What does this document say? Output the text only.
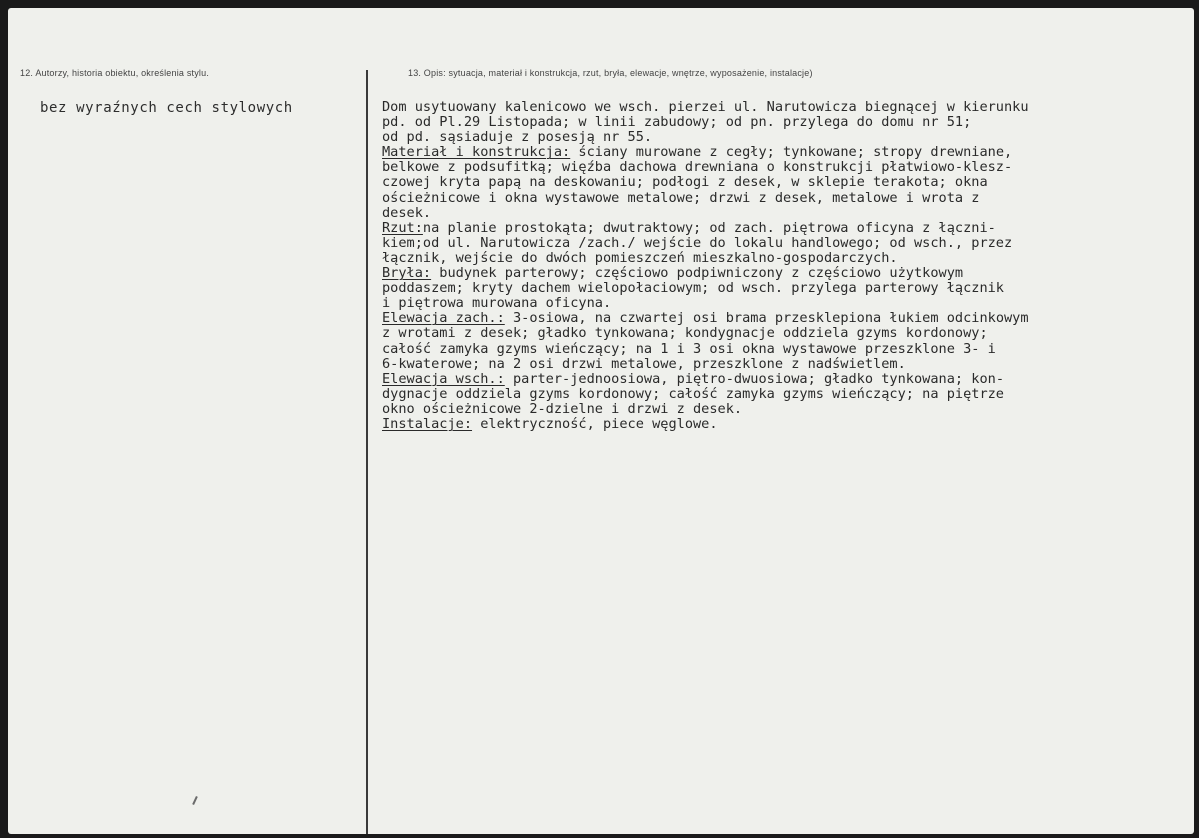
12. Autorzy, historia obiektu, określenia stylu.	13. Opis: sytuacja, materiał i konstrukcja, rzut, bryła, elewacje, wnętrze, wyposażenie, instalacje)
bez wyraźnych cech stylowych	Dom usytuowany kalenicowo we wsch. pierzei ul. Narutowicza biegnącej w kierunku
pd. od Pl.29 Listopada; w linii zabudowy; od pn. przylega do domu nr 51;
od pd. sąsiaduje z posesją nr 55.
Materiał i konstrukcja: ściany murowane z cegły; tynkowane; stropy drewniane,
belkowe z podsufitką; więźba dachowa drewniana o konstrukcji płatwiowo-klesz-
czowej kryta papą na deskowaniu; podłogi z desek, w sklepie terakota; okna
ościeżnicowe i okna wystawowe metalowe; drzwi z desek, metalowe i wrota z
desek.
Rzut:na planie prostokąta; dwutraktowy; od zach. piętrowa oficyna z łączni-
kiem;od ul. Narutowicza /zach./ wejście do lokalu handlowego; od wsch., przez
łącznik, wejście do dwóch pomieszczeń mieszkalno-gospodarczych.
Bryła: budynek parterowy; częściowo podpiwniczony z częściowo użytkowym
poddaszem; kryty dachem wielopołaciowym; od wsch. przylega parterowy łącznik
i piętrowa murowana oficyna.
Elewacja zach.: 3-osiowa, na czwartej osi brama przesklepiona łukiem odcinkowym
z wrotami z desek; gładko tynkowana; kondygnacje oddziela gzyms kordonowy;
całość zamyka gzyms wieńczący; na 1 i 3 osi okna wystawowe przeszklone 3- i
6-kwaterowe; na 2 osi drzwi metalowe, przeszklone z nadświetlem.
Elewacja wsch.: parter-jednoosiowa, piętro-dwuosiowa; gładko tynkowana; kon-
dygnacje oddziela gzyms kordonowy; całość zamyka gzyms wieńczący; na piętrze
okno ościeżnicowe 2-dzielne i drzwi z desek.
Instalacje: elektryczność, piece węglowe.
